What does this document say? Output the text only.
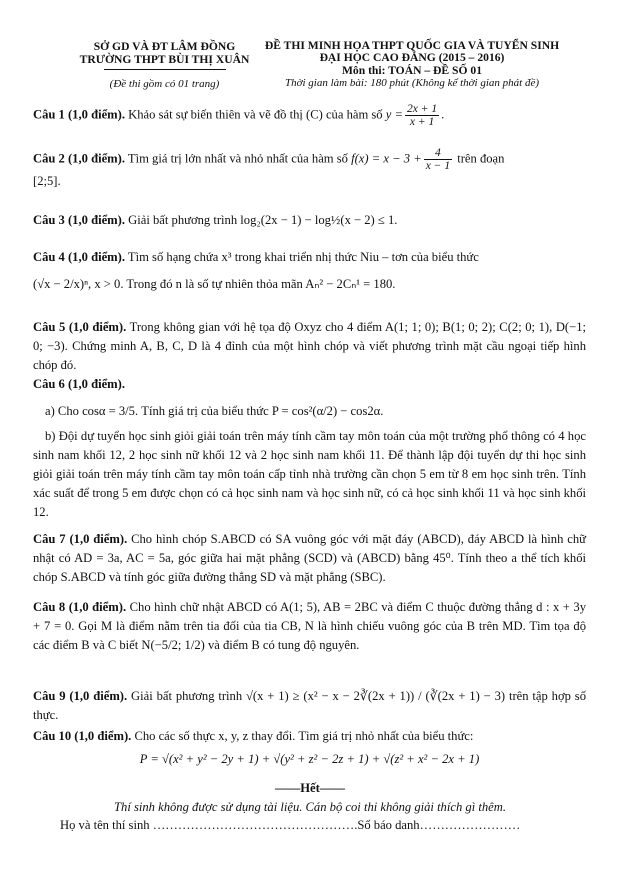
SỞ GD VÀ ĐT LÂM ĐỒNG
TRƯỜNG THPT BÙI THỊ XUÂN
(Đề thi gồm có 01 trang)
ĐỀ THI MINH HỌA THPT QUỐC GIA VÀ TUYỂN SINH
ĐẠI HỌC CAO ĐẲNG (2015 – 2016)
Môn thi: TOÁN – ĐỀ SỐ 01
Thời gian làm bài: 180 phút (Không kể thời gian phát đề)
Câu 1 (1,0 điểm). Khảo sát sự biến thiên và vẽ đồ thị (C) của hàm số $y = \frac{2x + 1}{x + 1}$ .
Câu 2 (1,0 điểm). Tìm giá trị lớn nhất và nhỏ nhất của hàm số $f(x) = x - 3 + \frac{4}{x - 1}$ trên đoạn
[2;5].
Câu 3 (1,0 điểm). Giải bất phương trình log₂(2x − 1) − log½(x − 2) ≤ 1.
Câu 4 (1,0 điểm). Tìm số hạng chứa x³ trong khai triển nhị thức Niu – tơn của biểu thức
(√x − 2/x)ⁿ, x > 0. Trong đó n là số tự nhiên thỏa mãn Aₙ² − 2Cₙ¹ = 180.
Câu 5 (1,0 điểm). Trong không gian với hệ tọa độ Oxyz cho 4 điểm A(1; 1; 0); B(1; 0; 2); C(2; 0; 1), D(−1; 0; −3). Chứng minh A, B, C, D là 4 đỉnh của một hình chóp và viết phương trình mặt cầu ngoại tiếp hình chóp đó.
Câu 6 (1,0 điểm).
a) Cho cosα = 3/5. Tính giá trị của biểu thức P = cos²(α/2) − cos2α.
b) Đội dự tuyển học sinh giỏi giải toán trên máy tính cầm tay môn toán của một trường phổ thông có 4 học sinh nam khối 12, 2 học sinh nữ khối 12 và 2 học sinh nam khối 11. Để thành lập đội tuyển dự thi học sinh giỏi giải toán trên máy tính cầm tay môn toán cấp tỉnh nhà trường cần chọn 5 em từ 8 em học sinh trên. Tính xác suất để trong 5 em được chọn có cả học sinh nam và học sinh nữ, có cả học sinh khối 11 và học sinh khối 12.
Câu 7 (1,0 điểm). Cho hình chóp S.ABCD có SA vuông góc với mặt đáy (ABCD), đáy ABCD là hình chữ nhật có AD = 3a, AC = 5a, góc giữa hai mặt phẳng (SCD) và (ABCD) bằng 45⁰. Tính theo a thể tích khối chóp S.ABCD và tính góc giữa đường thẳng SD và mặt phẳng (SBC).
Câu 8 (1,0 điểm). Cho hình chữ nhật ABCD có A(1; 5), AB = 2BC và điểm C thuộc đường thẳng d : x + 3y + 7 = 0. Gọi M là điểm nằm trên tia đối của tia CB, N là hình chiếu vuông góc của B trên MD. Tìm tọa độ các điểm B và C biết N(−5/2; 1/2) và điểm B có tung độ nguyên.
Câu 9 (1,0 điểm). Giải bất phương trình √(x + 1) ≥ (x² − x − 2∛(2x + 1)) / (∛(2x + 1) − 3) trên tập hợp số thực.
Câu 10 (1,0 điểm). Cho các số thực x, y, z thay đổi. Tìm giá trị nhỏ nhất của biểu thức:
P = √(x² + y² − 2y + 1) + √(y² + z² − 2z + 1) + √(z² + x² − 2x + 1)
——Hết——
Thí sinh không được sử dụng tài liệu. Cán bộ coi thi không giải thích gì thêm.
Họ và tên thí sinh ………………………………………….Số báo danh……………………
